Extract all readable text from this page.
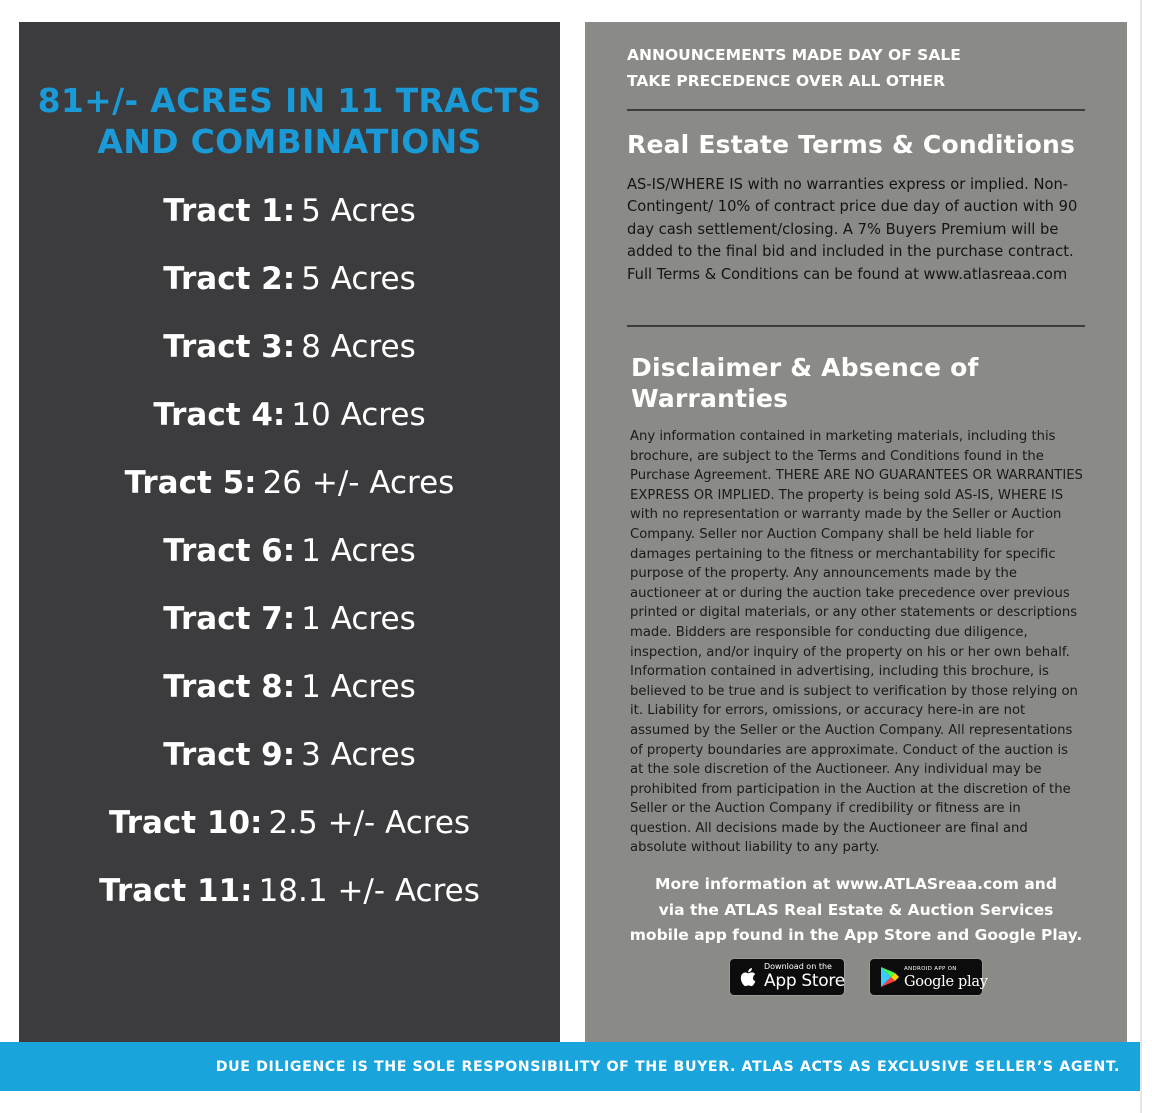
81+/- ACRES IN 11 TRACTS
AND COMBINATIONS
Tract 1: 5 Acres
Tract 2: 5 Acres
Tract 3: 8 Acres
Tract 4: 10 Acres
Tract 5: 26 +/- Acres
Tract 6: 1 Acres
Tract 7: 1 Acres
Tract 8: 1 Acres
Tract 9: 3 Acres
Tract 10: 2.5 +/- Acres
Tract 11: 18.1 +/- Acres
ANNOUNCEMENTS MADE DAY OF SALE
TAKE PRECEDENCE OVER ALL OTHER
Real Estate Terms & Conditions

AS-IS/WHERE IS with no warranties express or implied. Non-Contingent/ 10% of contract price due day of auction with 90 day cash settlement/closing. A 7% Buyers Premium will be added to the final bid and included in the purchase contract. Full Terms & Conditions can be found at www.atlasreaa.com

Disclaimer & Absence of Warranties

Any information contained in marketing materials, including this brochure, are subject to the Terms and Conditions found in the Purchase Agreement. THERE ARE NO GUARANTEES OR WARRANTIES EXPRESS OR IMPLIED. The property is being sold AS-IS, WHERE IS with no representation or warranty made by the Seller or Auction Company. Seller nor Auction Company shall be held liable for damages pertaining to the fitness or merchantability for specific purpose of the property. Any announcements made by the auctioneer at or during the auction take precedence over previous printed or digital materials, or any other statements or descriptions made. Bidders are responsible for conducting due diligence, inspection, and/or inquiry of the property on his or her own behalf. Information contained in advertising, including this brochure, is believed to be true and is subject to verification by those relying on it. Liability for errors, omissions, or accuracy here-in are not assumed by the Seller or the Auction Company. All representations of property boundaries are approximate. Conduct of the auction is at the sole discretion of the Auctioneer. Any individual may be prohibited from participation in the Auction at the discretion of the Seller or the Auction Company if credibility or fitness are in question. All decisions made by the Auctioneer are final and absolute without liability to any party.

More information at www.ATLASreaa.com and
via the ATLAS Real Estate & Auction Services
mobile app found in the App Store and Google Play.
Download on the
App Store
ANDROID APP ON
Google play
DUE DILIGENCE IS THE SOLE RESPONSIBILITY OF THE BUYER. ATLAS ACTS AS EXCLUSIVE SELLER’S AGENT.
